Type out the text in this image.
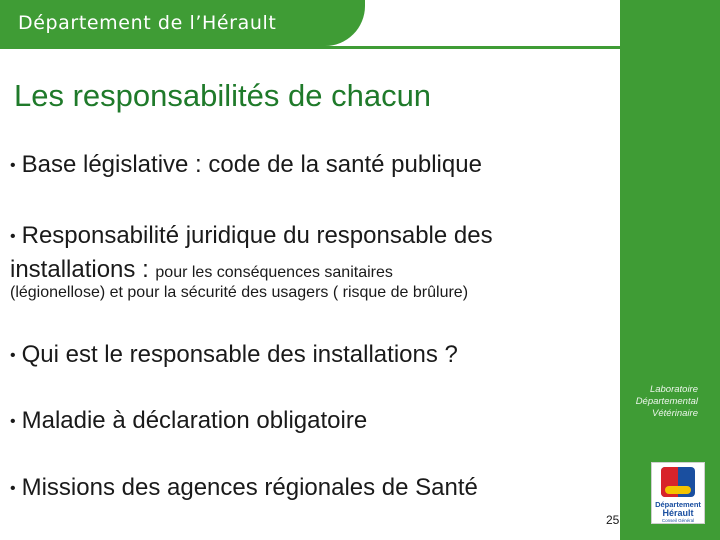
Département de l’Hérault
Les responsabilités de chacun
• Base législative : code de la santé publique
• Responsabilité juridique du responsable des
installations : pour les conséquences sanitaires
(légionellose) et pour la sécurité des usagers ( risque de brûlure)
• Qui est le responsable des installations ?
• Maladie à déclaration obligatoire
• Missions des agences régionales de Santé
Laboratoire
Départemental
Vétérinaire
Département
Hérault
Conseil Général
25
